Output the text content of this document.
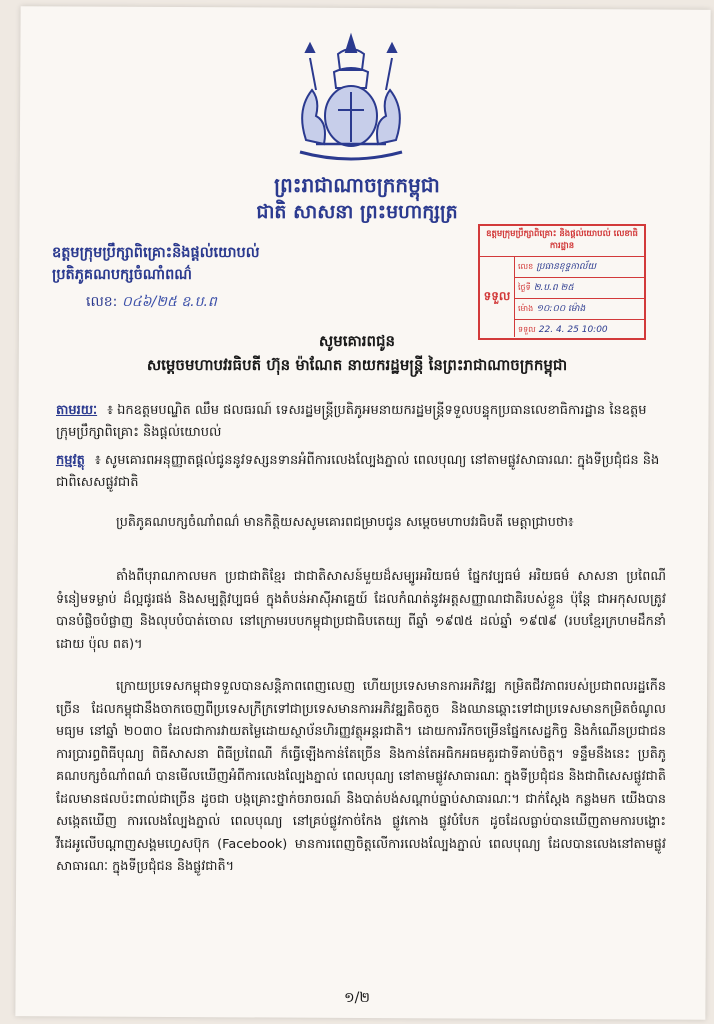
ព្រះរាជាណាចក្រកម្ពុជា
ជាតិ សាសនា ព្រះមហាក្សត្រ
ឧត្តមក្រុមប្រឹក្សាពិគ្រោះនិងផ្ដល់យោបល់
ប្រតិភូគណបក្សចំណាំពណ៌
លេខ: ០៤៦/២៥ ឧ.ប.ព
ឧត្តមក្រុមប្រឹក្សាពិគ្រោះ និងផ្ដល់យោបល់ លេខាធិការដ្ឋាន
ទទួល
លេខ ប្រធានខុទ្ទកាល័យ
ថ្ងៃទី ២.ប.ព ២៥
ម៉ោង ១០:០០ ម៉ោង
ទទួល 22. 4. 25 10:00
សូមគោរពជូន
សម្ដេចមហាបវរធិបតី ហ៊ុន ម៉ាណែត នាយករដ្ឋមន្ត្រី នៃព្រះរាជាណាចក្រកម្ពុជា
តាមរយៈ ៖ ឯកឧត្តមបណ្ឌិត ឈឹម ផលធរណ៍ ទេសរដ្ឋមន្ត្រីប្រតិភូអមនាយករដ្ឋមន្ត្រីទទួលបន្ទុកប្រធានលេខាធិការដ្ឋាន នៃឧត្តមក្រុមប្រឹក្សាពិគ្រោះ និងផ្ដល់យោបល់
កម្មវត្ថុ ៖ សូមគោរពអនុញ្ញាតផ្ដល់ជូននូវទស្សនទានអំពីការលេងល្បែងភ្នាល់ ពេលបុណ្យ នៅតាមផ្លូវសាធារណៈ ក្នុងទីប្រជុំជន និងជាពិសេសផ្លូវជាតិ
ប្រតិភូគណបក្សចំណាំពណ៌ មានកិត្តិយសសូមគោរពជម្រាបជូន សម្ដេចមហាបវរធិបតី មេត្តាជ្រាបថា៖
តាំងពីបុរាណកាលមក ប្រជាជាតិខ្មែរ ជាជាតិសាសន៍មួយដ៏សម្បូរអរិយធម៌ ផ្នែកវប្បធម៌ អរិយធម៌ សាសនា ប្រពៃណី ទំនៀមទម្លាប់ ដ៏ល្អផូរផង់ និងសម្បត្តិវប្បធម៌ ក្នុងតំបន់អាស៊ីអាគ្នេយ៍ ដែលកំណត់នូវអត្តសញ្ញាណជាតិរបស់ខ្លួន ប៉ុន្តែ ជាអកុសលត្រូវបានបំផ្លិចបំផ្លាញ និងលុបបំបាត់ចោល នៅក្រោមរបបកម្ពុជាប្រជាធិបតេយ្យ ពីឆ្នាំ ១៩៧៥ ដល់ឆ្នាំ ១៩៧៩ (របបខ្មែរក្រហមដឹកនាំដោយ ប៉ុល ពត)។
ក្រោយប្រទេសកម្ពុជាទទួលបានសន្តិភាពពេញលេញ ហើយប្រទេសមានការអភិវឌ្ឍ កម្រិតជីវភាពរបស់ប្រជាពលរដ្ឋកើនច្រើន ដែលកម្ពុជានឹងចាកចេញពីប្រទេសក្រីក្រទៅជាប្រទេសមានការអភិវឌ្ឍតិចតួច និងឈានឆ្ពោះទៅជាប្រទេសមានកម្រិតចំណូលមធ្យម នៅឆ្នាំ ២០៣០ ដែលជាការវាយតម្លៃដោយស្ថាប័នហិរញ្ញវត្ថុអន្តរជាតិ។ ដោយការរីកចម្រើនផ្នែកសេដ្ឋកិច្ច និងកំណើនប្រជាជន ការប្រារព្ធពិធីបុណ្យ ពិធីសាសនា ពិធីប្រពៃណី ក៏ធ្វើឡើងកាន់តែច្រើន និងកាន់តែអធិកអធមគួរជាទីគាប់ចិត្ត។ ទន្ទឹមនឹងនេះ ប្រតិភូគណបក្សចំណាំពណ៌ បានមើលឃើញអំពីការលេងល្បែងភ្នាល់ ពេលបុណ្យ នៅតាមផ្លូវសាធារណៈ ក្នុងទីប្រជុំជន និងជាពិសេសផ្លូវជាតិ ដែលមានផលប៉ះពាល់ជាច្រើន ដូចជា បង្កគ្រោះថ្នាក់ចរាចរណ៍ និងបាត់បង់សណ្ដាប់ធ្នាប់សាធារណៈ។ ជាក់ស្ដែង កន្លងមក យើងបានសង្កេតឃើញ ការលេងល្បែងភ្នាល់ ពេលបុណ្យ នៅគ្រប់ផ្លូវកាច់កែង ផ្លូវកោង ផ្លូវបំបែក ដូចដែលធ្លាប់បានឃើញតាមការបង្ហោះវីដេអូលើបណ្ដាញសង្គមហ្វេសប៊ុក (Facebook) មានការពេញចិត្តលើការលេងល្បែងភ្នាល់ ពេលបុណ្យ ដែលបានលេងនៅតាមផ្លូវសាធារណៈ ក្នុងទីប្រជុំជន និងផ្លូវជាតិ។
១/២
